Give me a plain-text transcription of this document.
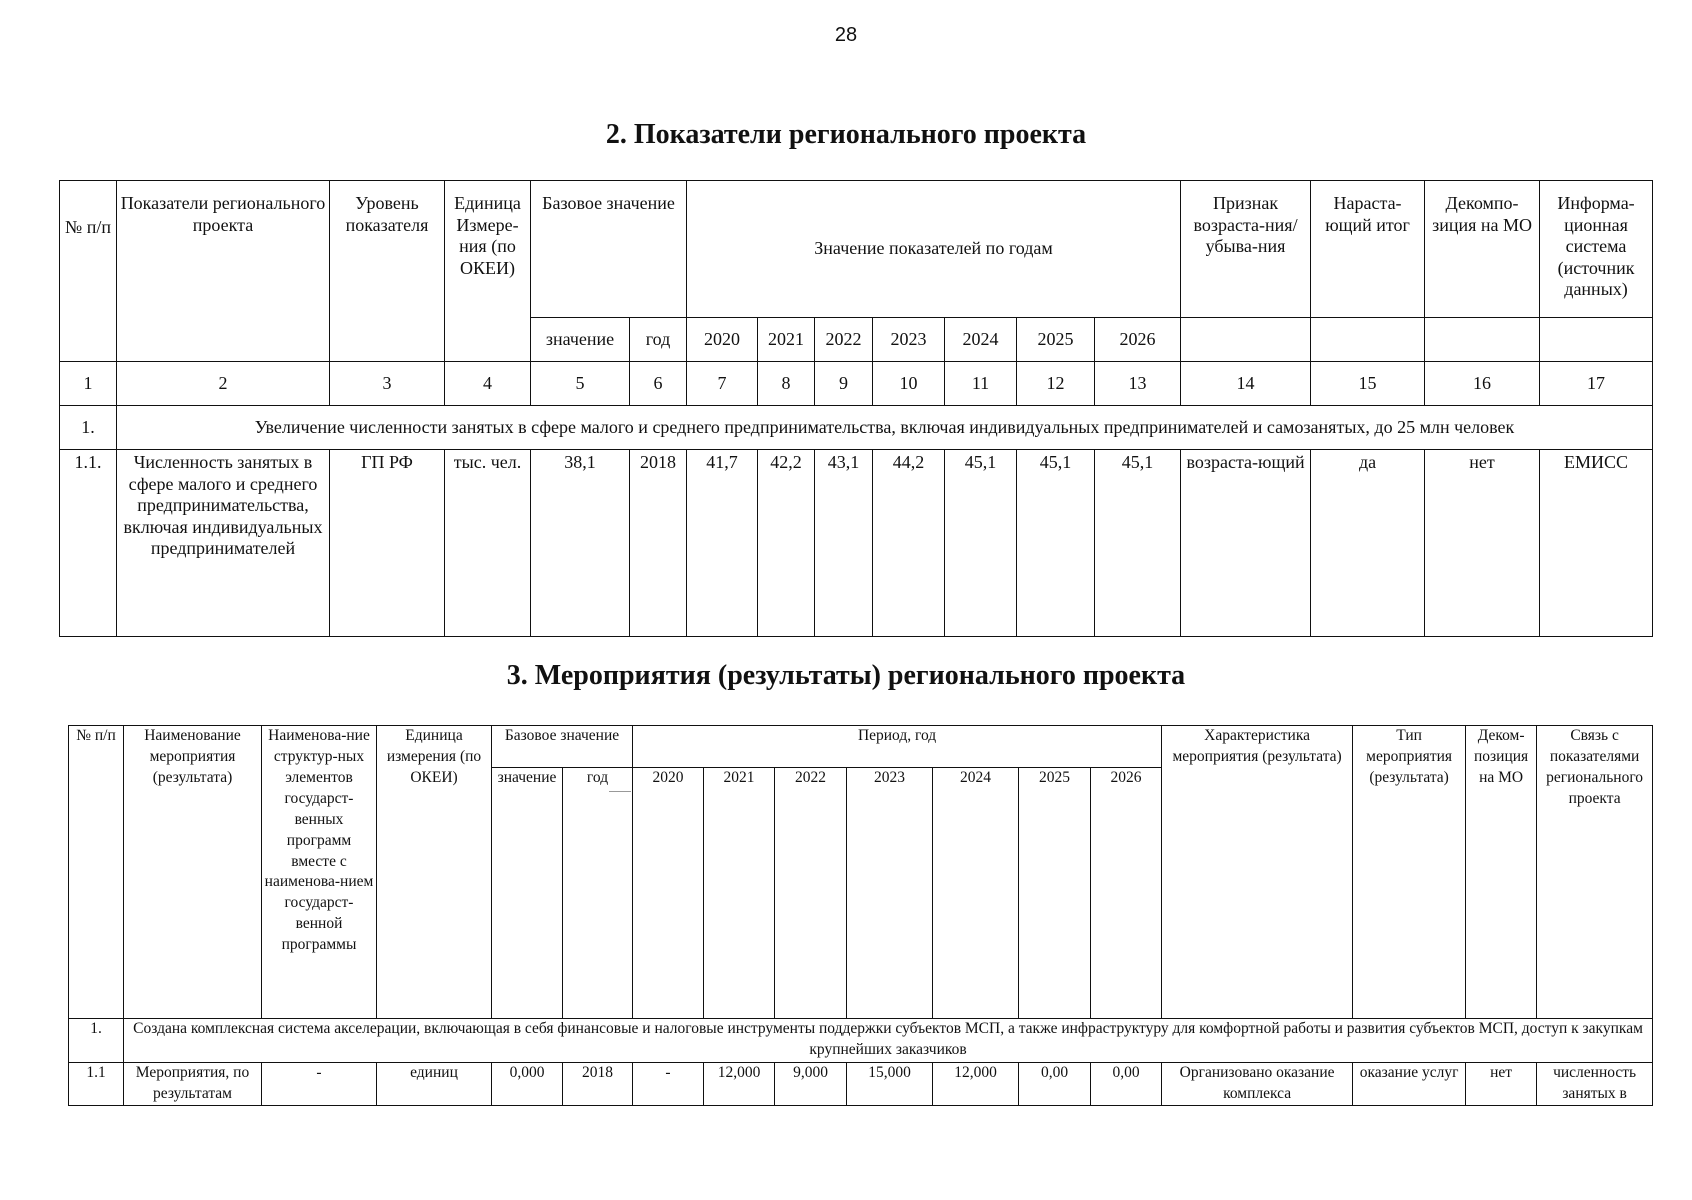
28
2. Показатели регионального проекта
№ п/п	Показатели регионального проекта	Уровень показателя	Единица Измере-ния (по ОКЕИ)	Базовое значение		Значение показателей по годам							Признак возраста-ния/убыва-ния	Нараста-ющий итог	Декомпо-зиция на МО	Информа-ционная система (источник данных)
				значение	год	2020	2021	2022	2023	2024	2025	2026				
1	2	3	4	5	6	7	8	9	10	11	12	13	14	15	16	17
1.	Увеличение численности занятых в сфере малого и среднего предпринимательства, включая индивидуальных предпринимателей и самозанятых, до 25 млн человек															
1.1.	Численность занятых в сфере малого и среднего предпринимательства, включая индивидуальных предпринимателей	ГП РФ	тыс. чел.	38,1	2018	41,7	42,2	43,1	44,2	45,1	45,1	45,1	возраста-ющий	да	нет	ЕМИСС
3. Мероприятия (результаты) регионального проекта
№ п/п	Наименование мероприятия (результата)	Наименова-ние структур-ных элементов государст-венных программ вместе с наименова-нием государст-венной программы	Единица измерения (по ОКЕИ)	Базовое значение		Период, год							Характеристика мероприятия (результата)	Тип мероприятия (результата)	Деком-позиция на МО	Связь с показателями регионального проекта
				значение	год	2020	2021	2022	2023	2024	2025	2026				
1.	Создана комплексная система акселерации, включающая в себя финансовые и налоговые инструменты поддержки субъектов МСП, а также инфраструктуру для комфортной работы и развития субъектов МСП, доступ к закупкам крупнейших заказчиков															
1.1	Мероприятия, по результатам	-	единиц	0,000	2018	-	12,000	9,000	15,000	12,000	0,00	0,00	Организовано оказание комплекса	оказание услуг	нет	численность занятых в
